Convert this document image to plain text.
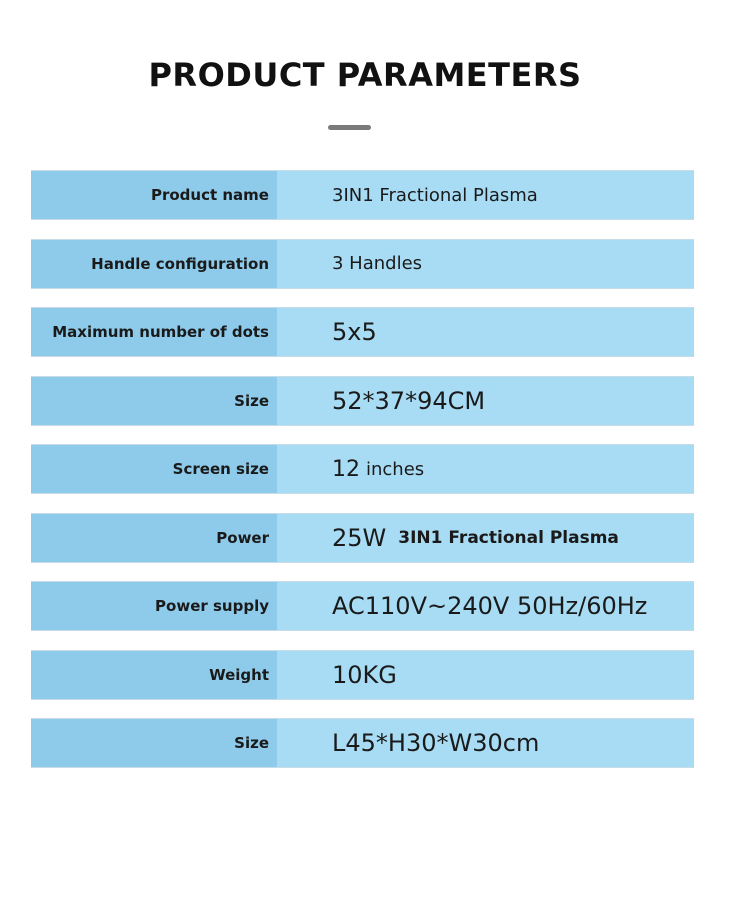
PRODUCT PARAMETERS
Product name	3IN1 Fractional Plasma
Handle configuration	3 Handles
Maximum number of dots	5x5
Size	52*37*94CM
Screen size	12 inches
Power	25W 3IN1 Fractional Plasma
Power supply	AC110V~240V 50Hz/60Hz
Weight	10KG
Size	L45*H30*W30cm
